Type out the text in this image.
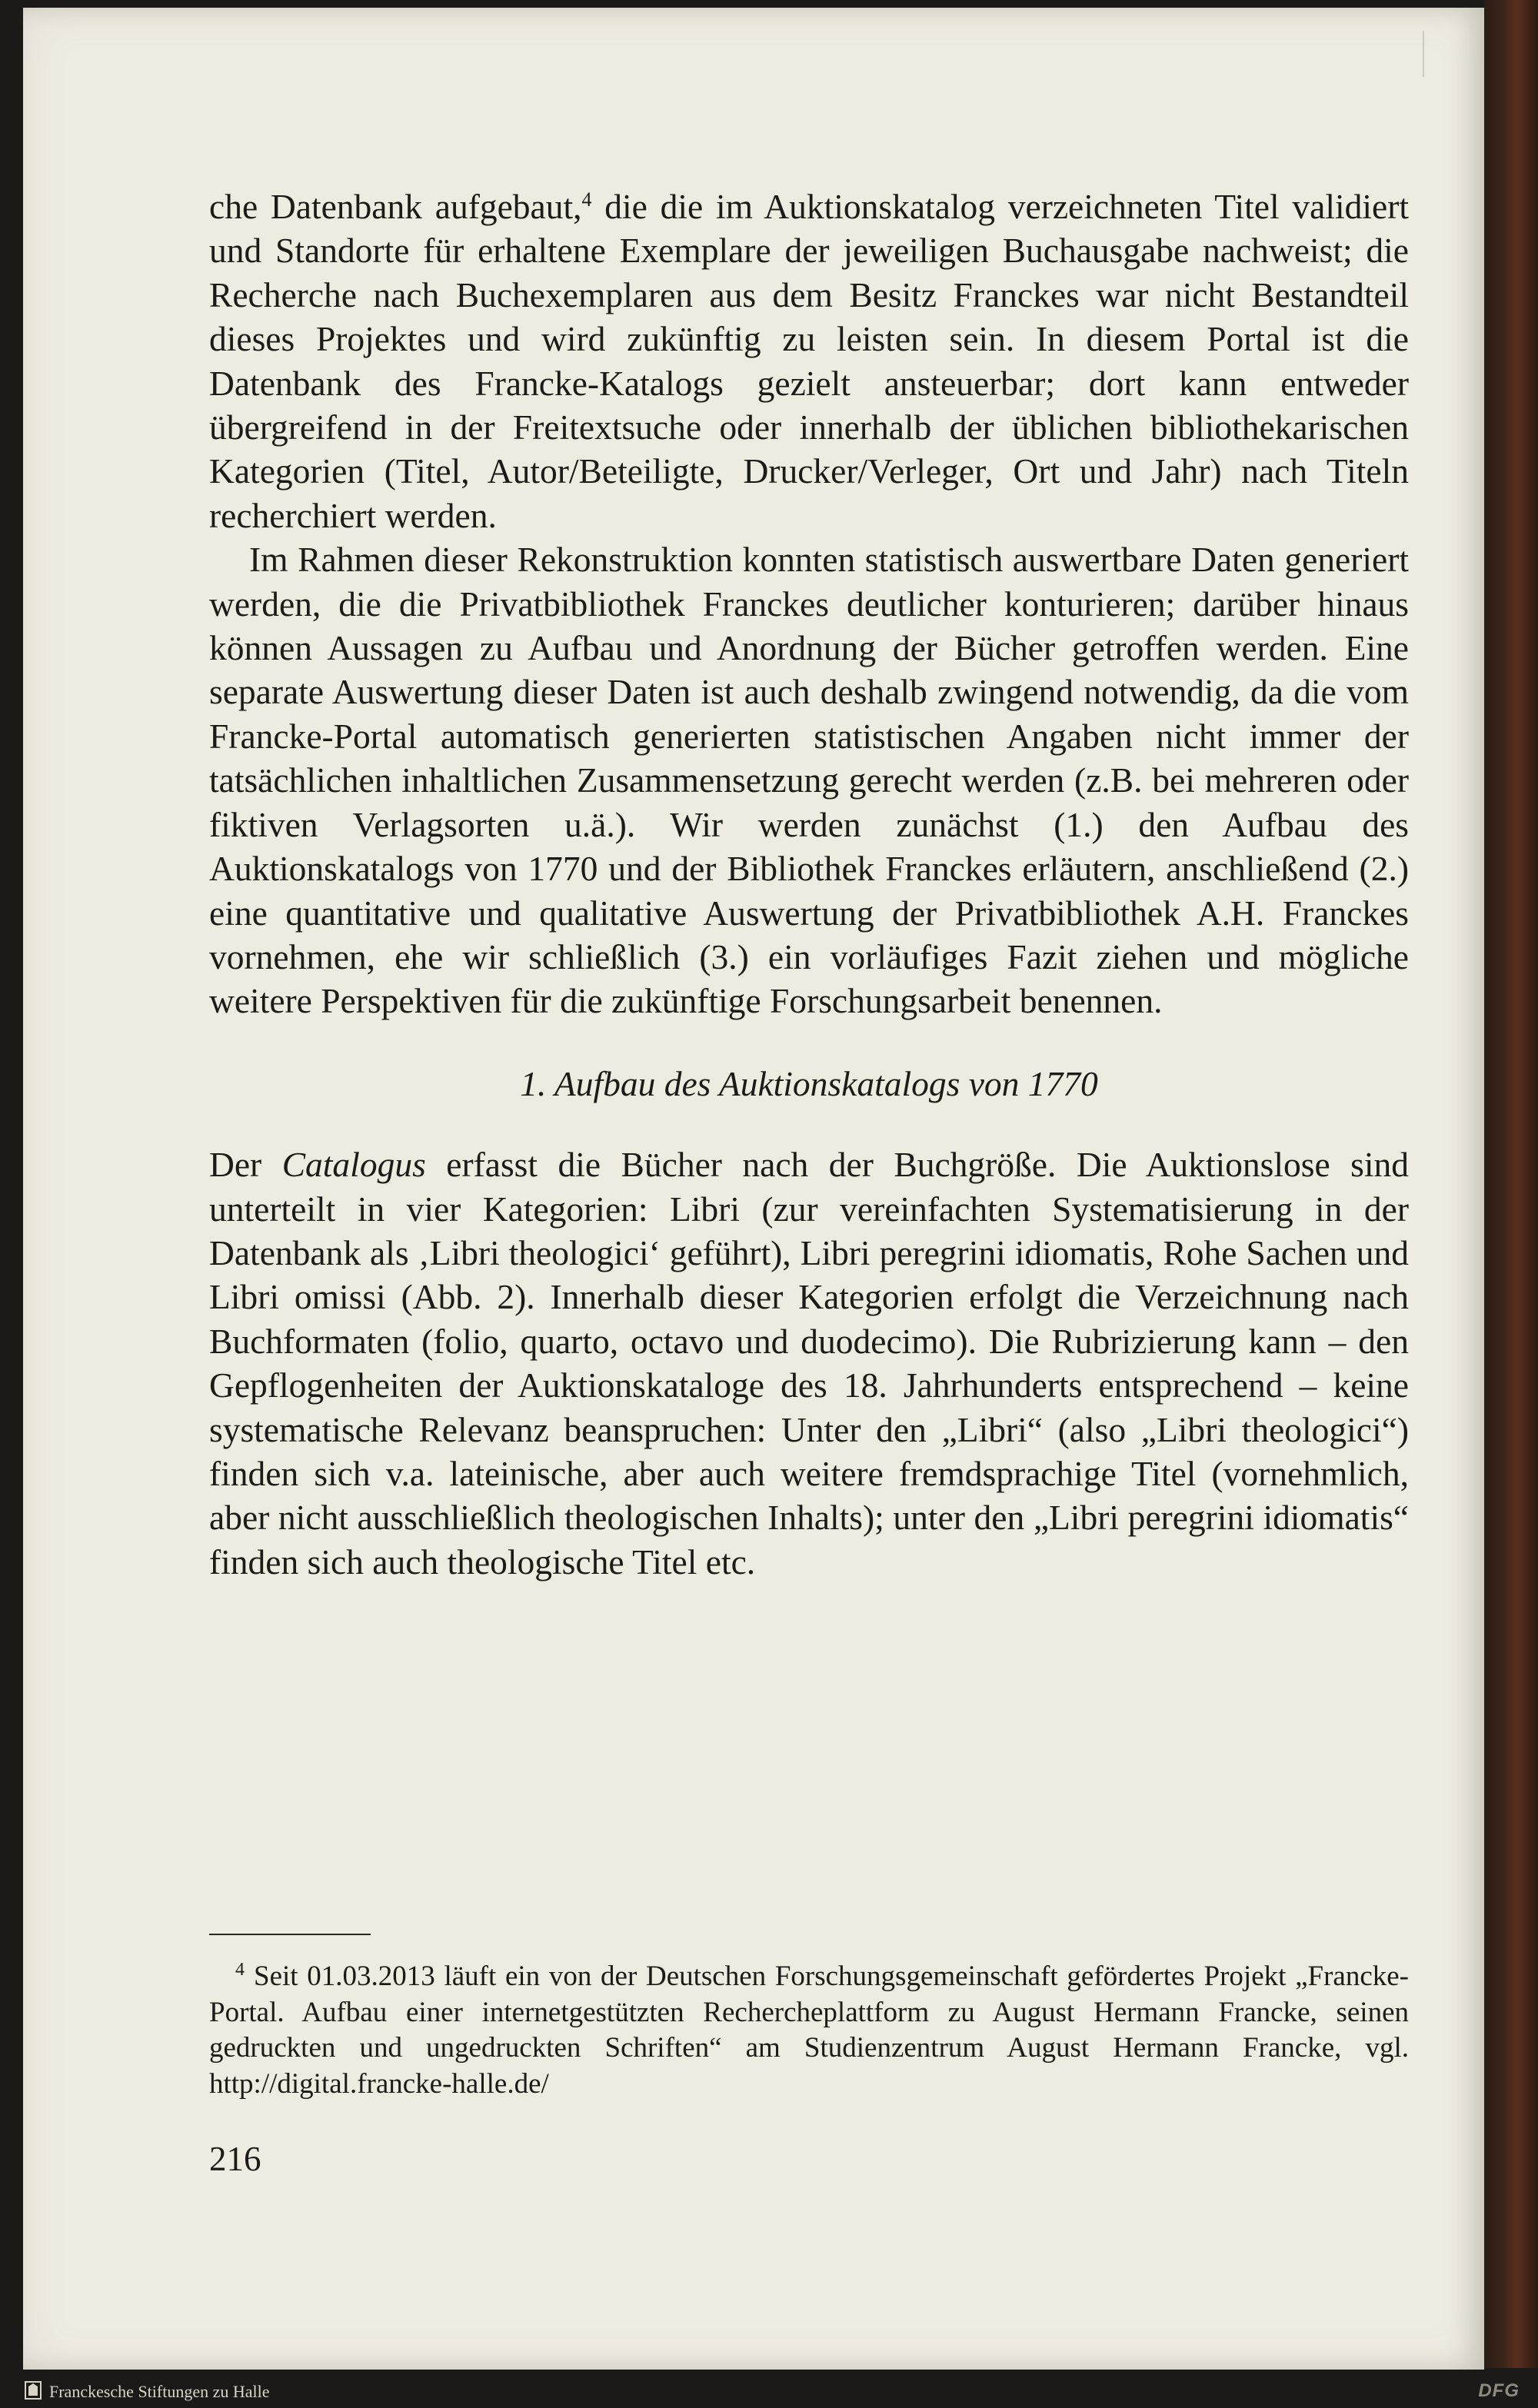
che Datenbank aufgebaut,$^4$ die die im Auktionskatalog verzeichneten Titel validiert und Standorte für erhaltene Exemplare der jeweiligen Buchausgabe nachweist; die Recherche nach Buchexemplaren aus dem Besitz Franckes war nicht Bestandteil dieses Projektes und wird zukünftig zu leisten sein. In diesem Portal ist die Datenbank des Francke-Katalogs gezielt ansteuerbar; dort kann entweder übergreifend in der Freitextsuche oder innerhalb der üblichen bibliothekarischen Kategorien (Titel, Autor/Beteiligte, Drucker/Verleger, Ort und Jahr) nach Titeln recherchiert werden.

Im Rahmen dieser Rekonstruktion konnten statistisch auswertbare Daten generiert werden, die die Privatbibliothek Franckes deutlicher konturieren; darüber hinaus können Aussagen zu Aufbau und Anordnung der Bücher getroffen werden. Eine separate Auswertung dieser Daten ist auch deshalb zwingend notwendig, da die vom Francke-Portal automatisch generierten statistischen Angaben nicht immer der tatsächlichen inhaltlichen Zusammensetzung gerecht werden (z.B. bei mehreren oder fiktiven Verlagsorten u.ä.). Wir werden zunächst (1.) den Aufbau des Auktionskatalogs von 1770 und der Bibliothek Franckes erläutern, anschließend (2.) eine quantitative und qualitative Auswertung der Privatbibliothek A.H. Franckes vornehmen, ehe wir schließlich (3.) ein vorläufiges Fazit ziehen und mögliche weitere Perspektiven für die zukünftige Forschungsarbeit benennen.

1. Aufbau des Auktionskatalogs von 1770

Der Catalogus erfasst die Bücher nach der Buchgröße. Die Auktionslose sind unterteilt in vier Kategorien: Libri (zur vereinfachten Systematisierung in der Datenbank als ‚Libri theologici‘ geführt), Libri peregrini idiomatis, Rohe Sachen und Libri omissi (Abb. 2). Innerhalb dieser Kategorien erfolgt die Verzeichnung nach Buchformaten (folio, quarto, octavo und duodecimo). Die Rubrizierung kann – den Gepflogenheiten der Auktionskataloge des 18. Jahrhunderts entsprechend – keine systematische Relevanz beanspruchen: Unter den „Libri“ (also „Libri theologici“) finden sich v.a. lateinische, aber auch weitere fremdsprachige Titel (vornehmlich, aber nicht ausschließlich theologischen Inhalts); unter den „Libri peregrini idiomatis“ finden sich auch theologische Titel etc.

4 Seit 01.03.2013 läuft ein von der Deutschen Forschungsgemeinschaft gefördertes Projekt „Francke-Portal. Aufbau einer internetgestützten Rechercheplattform zu August Hermann Francke, seinen gedruckten und ungedruckten Schriften“ am Studienzentrum August Hermann Francke, vgl. http://digital.francke-halle.de/
216
Franckesche Stiftungen zu Halle	DFG
